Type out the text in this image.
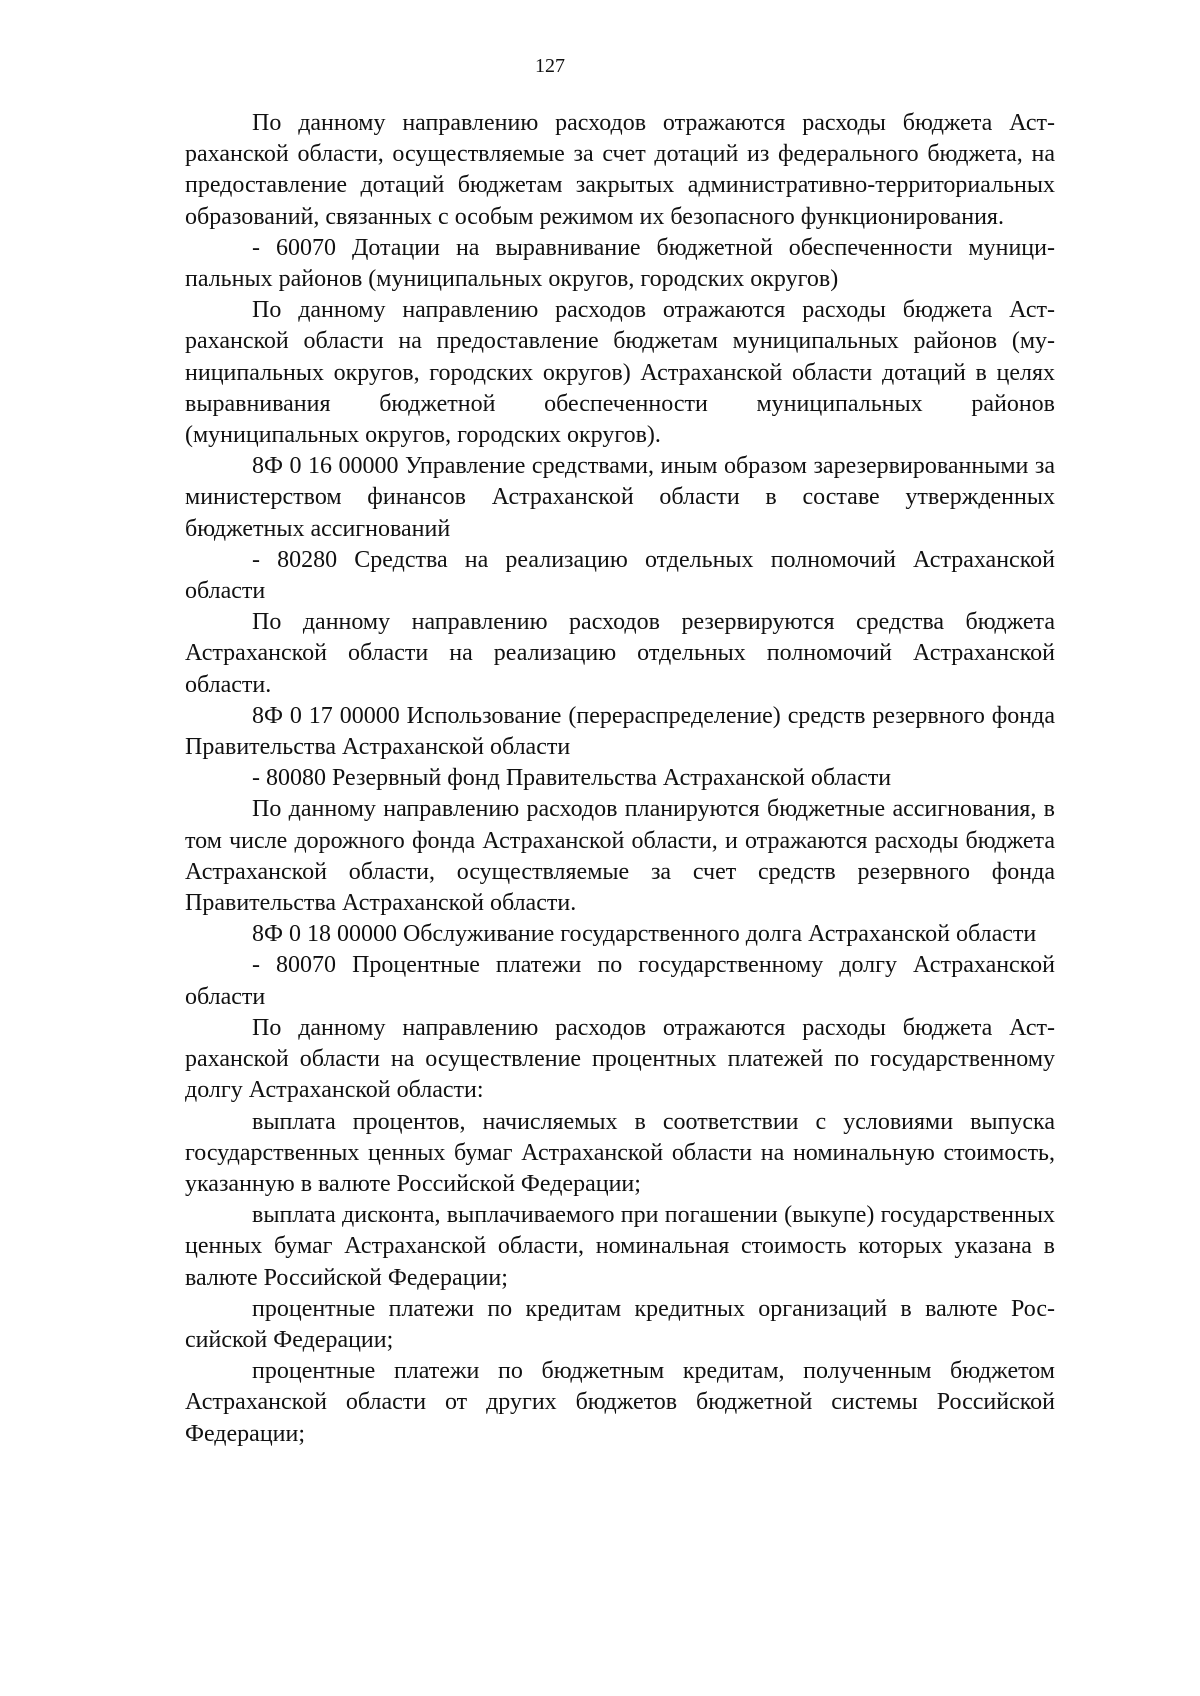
127

По данному направлению расходов отражаются расходы бюджета Астраханской области, осуществляемые за счет дотаций из федерального бюджета, на предоставление дотаций бюджетам закрытых административно-территориальных образований, связанных с особым режимом их безопасного функционирования.

- 60070 Дотации на выравнивание бюджетной обеспеченности муниципальных районов (муниципальных округов, городских округов)

По данному направлению расходов отражаются расходы бюджета Астраханской области на предоставление бюджетам муниципальных районов (муниципальных округов, городских округов) Астраханской области дотаций в целях выравнивания бюджетной обеспеченности муниципальных районов (муниципальных округов, городских округов).

8Ф 0 16 00000 Управление средствами, иным образом зарезервированными за министерством финансов Астраханской области в составе утвержденных бюджетных ассигнований

- 80280 Средства на реализацию отдельных полномочий Астраханской области

По данному направлению расходов резервируются средства бюджета Астраханской области на реализацию отдельных полномочий Астраханской области.

8Ф 0 17 00000 Использование (перераспределение) средств резервного фонда Правительства Астраханской области

- 80080 Резервный фонд Правительства Астраханской области

По данному направлению расходов планируются бюджетные ассигнования, в том числе дорожного фонда Астраханской области, и отражаются расходы бюджета Астраханской области, осуществляемые за счет средств резервного фонда Правительства Астраханской области.

8Ф 0 18 00000 Обслуживание государственного долга Астраханской области

- 80070 Процентные платежи по государственному долгу Астраханской области

По данному направлению расходов отражаются расходы бюджета Астраханской области на осуществление процентных платежей по государственному долгу Астраханской области:

выплата процентов, начисляемых в соответствии с условиями выпуска государственных ценных бумаг Астраханской области на номинальную стоимость, указанную в валюте Российской Федерации;

выплата дисконта, выплачиваемого при погашении (выкупе) государственных ценных бумаг Астраханской области, номинальная стоимость которых указана в валюте Российской Федерации;

процентные платежи по кредитам кредитных организаций в валюте Российской Федерации;

процентные платежи по бюджетным кредитам, полученным бюджетом Астраханской области от других бюджетов бюджетной системы Российской Федерации;
